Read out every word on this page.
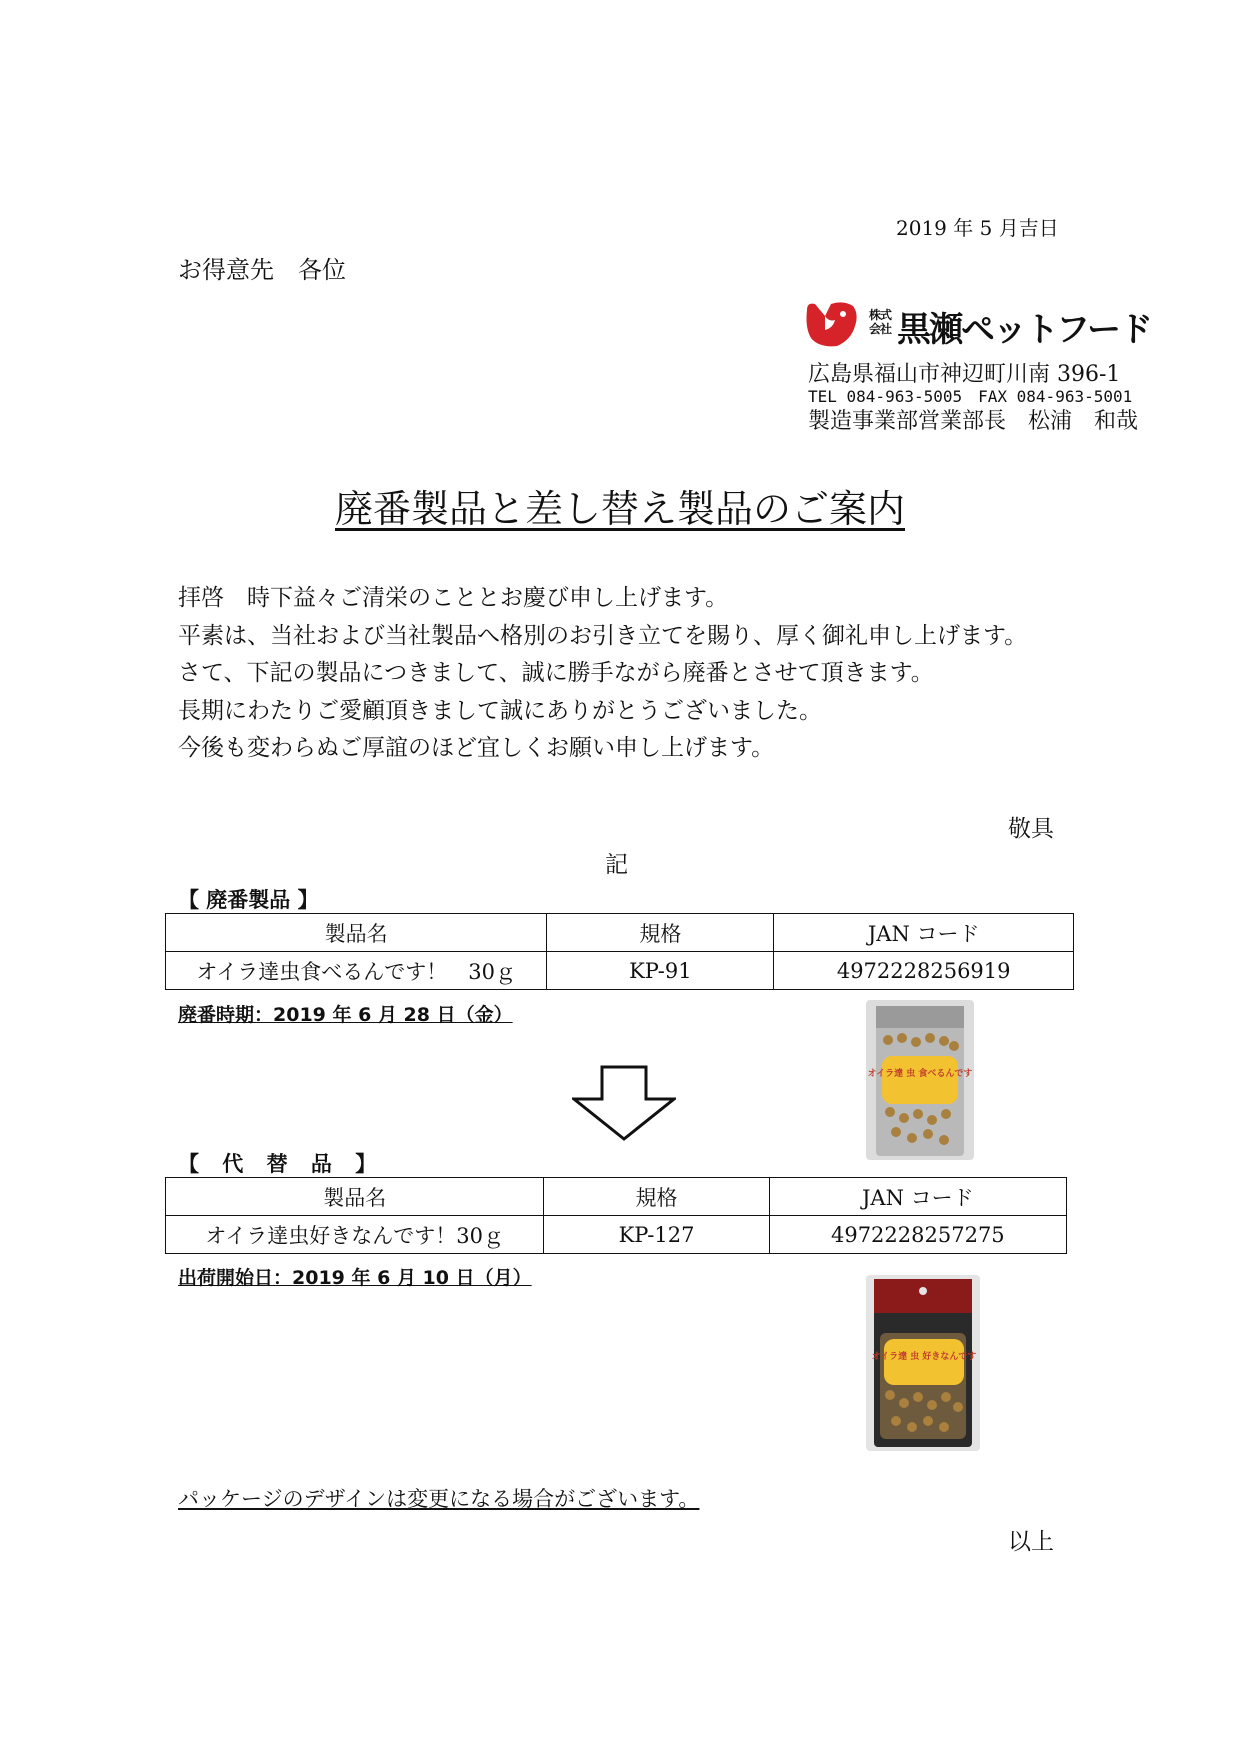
2019 年 5 月吉日
お得意先　各位
株式会社 黒瀬ペットフード
広島県福山市神辺町川南 396-1
TEL 084-963-5005　FAX 084-963-5001
製造事業部営業部長　松浦　和哉
廃番製品と差し替え製品のご案内

拝啓　時下益々ご清栄のこととお慶び申し上げます。

平素は、当社および当社製品へ格別のお引き立てを賜り、厚く御礼申し上げます。

さて、下記の製品につきまして、誠に勝手ながら廃番とさせて頂きます。

長期にわたりご愛顧頂きまして誠にありがとうございました。

今後も変わらぬご厚誼のほど宜しくお願い申し上げます。

敬具
記
【 廃番製品 】
製品名	規格	JAN コード
オイラ達虫食べるんです！　30ｇ	KP-91	4972228256919
廃番時期：2019 年 6 月 28 日（金）
オイラ達 虫 食べるんです
【 代 替 品 】
製品名	規格	JAN コード
オイラ達虫好きなんです！30ｇ	KP-127	4972228257275
出荷開始日：2019 年 6 月 10 日（月）
オイラ達 虫 好きなんです
パッケージのデザインは変更になる場合がございます。
以上
